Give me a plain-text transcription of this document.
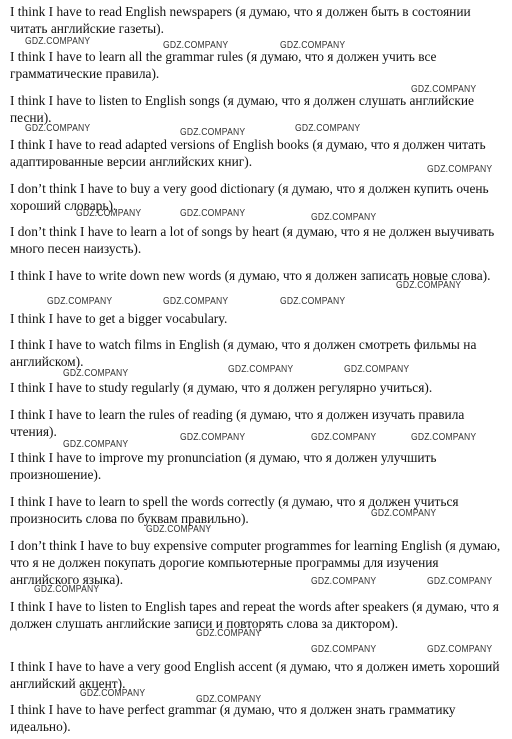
I think I have to read English newspapers (я думаю, что я должен быть в состоянии читать английские газеты).

I think I have to learn all the grammar rules (я думаю, что я должен учить все грамматические правила).

I think I have to listen to English songs (я думаю, что я должен слушать английские песни).

I think I have to read adapted versions of English books (я думаю, что я должен читать адаптированные версии английских книг).

I don’t think I have to buy a very good dictionary (я думаю, что я должен купить очень хороший словарь).

I don’t think I have to learn a lot of songs by heart (я думаю, что я не должен выучивать много песен наизусть).

I think I have to write down new words (я думаю, что я должен записать новые слова).

I think I have to get a bigger vocabulary.

I think I have to watch films in English (я думаю, что я должен смотреть фильмы на английском).

I think I have to study regularly (я думаю, что я должен регулярно учиться).

I think I have to learn the rules of reading (я думаю, что я должен изучать правила чтения).

I think I have to improve my pronunciation (я думаю, что я должен улучшить произношение).

I think I have to learn to spell the words correctly (я думаю, что я должен учиться произносить слова по буквам правильно).

I don’t think I have to buy expensive computer programmes for learning English (я думаю, что я не должен покупать дорогие компьютерные программы для изучения английского языка).

I think I have to listen to English tapes and repeat the words after speakers (я думаю, что я должен слушать английские записи и повторять слова за диктором).

I think I have to have a very good English accent (я думаю, что я должен иметь хороший английский акцент).

I think I have to have perfect grammar (я думаю, что я должен знать грамматику идеально).

GDZ.COMPANY	GDZ.COMPANY	GDZ.COMPANY
GDZ.COMPANY
GDZ.COMPANY	GDZ.COMPANY	GDZ.COMPANY
GDZ.COMPANY
GDZ.COMPANY	GDZ.COMPANY	GDZ.COMPANY
GDZ.COMPANY
GDZ.COMPANY	GDZ.COMPANY	GDZ.COMPANY
GDZ.COMPANY	GDZ.COMPANY
GDZ.COMPANY
GDZ.COMPANY	GDZ.COMPANY	GDZ.COMPANY
GDZ.COMPANY
GDZ.COMPANY
GDZ.COMPANY
GDZ.COMPANY	GDZ.COMPANY
GDZ.COMPANY
GDZ.COMPANY
GDZ.COMPANY	GDZ.COMPANY
GDZ.COMPANY
GDZ.COMPANY
